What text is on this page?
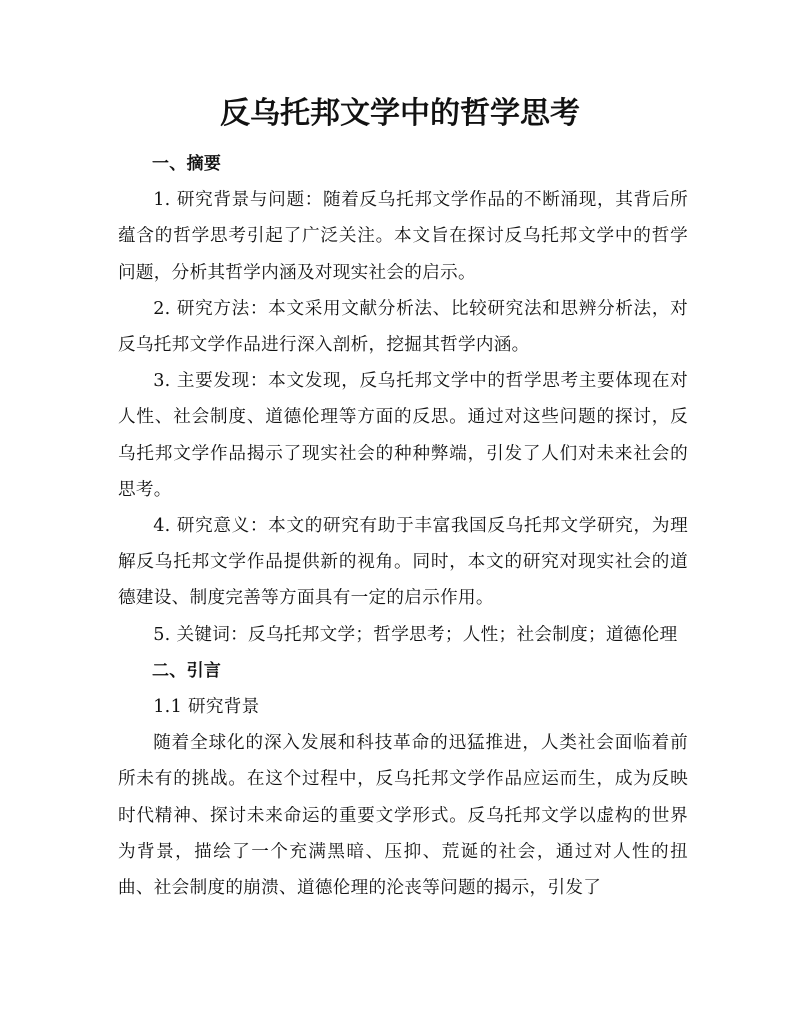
反乌托邦文学中的哲学思考
一、摘要

1. 研究背景与问题：随着反乌托邦文学作品的不断涌现，其背后所蕴含的哲学思考引起了广泛关注。本文旨在探讨反乌托邦文学中的哲学问题，分析其哲学内涵及对现实社会的启示。

2. 研究方法：本文采用文献分析法、比较研究法和思辨分析法，对反乌托邦文学作品进行深入剖析，挖掘其哲学内涵。

3. 主要发现：本文发现，反乌托邦文学中的哲学思考主要体现在对人性、社会制度、道德伦理等方面的反思。通过对这些问题的探讨，反乌托邦文学作品揭示了现实社会的种种弊端，引发了人们对未来社会的思考。

4. 研究意义：本文的研究有助于丰富我国反乌托邦文学研究，为理解反乌托邦文学作品提供新的视角。同时，本文的研究对现实社会的道德建设、制度完善等方面具有一定的启示作用。

5. 关键词：反乌托邦文学；哲学思考；人性；社会制度；道德伦理

二、引言

1.1 研究背景

随着全球化的深入发展和科技革命的迅猛推进，人类社会面临着前所未有的挑战。在这个过程中，反乌托邦文学作品应运而生，成为反映时代精神、探讨未来命运的重要文学形式。反乌托邦文学以虚构的世界为背景，描绘了一个充满黑暗、压抑、荒诞的社会，通过对人性的扭曲、社会制度的崩溃、道德伦理的沦丧等问题的揭示，引发了
